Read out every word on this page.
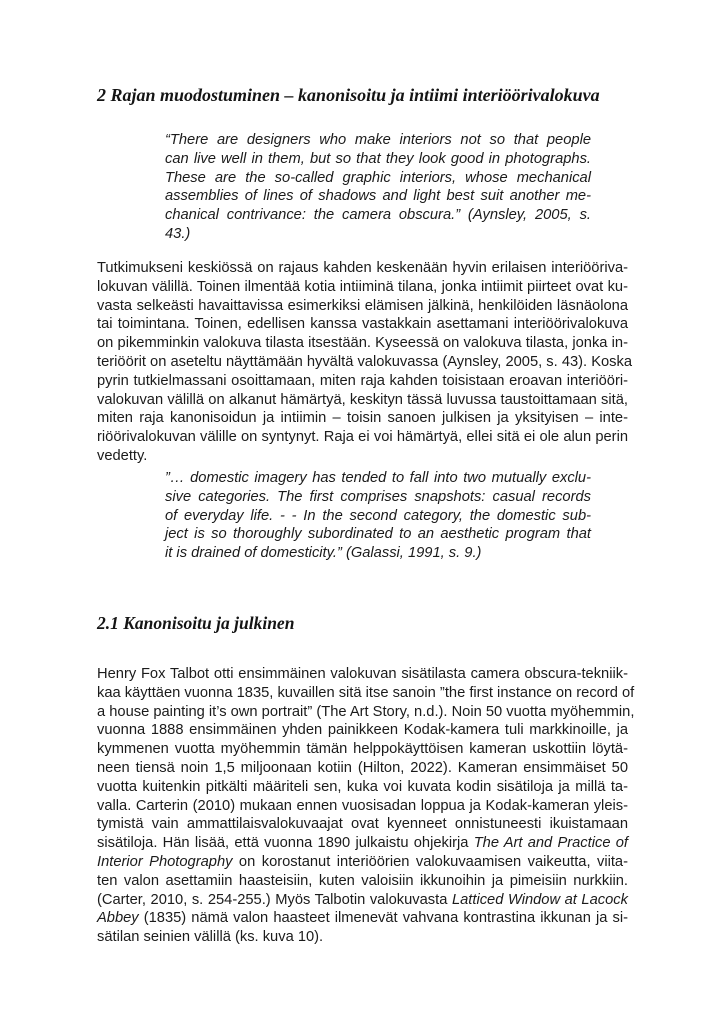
2 Rajan muodostuminen – kanonisoitu ja intiimi interiöörivalokuva
“There are designers who make interiors not so that people
can live well in them, but so that they look good in photographs.
These are the so-called graphic interiors, whose mechanical
assemblies of lines of shadows and light best suit another me-
chanical contrivance: the camera obscura.” (Aynsley, 2005, s.
43.)
Tutkimukseni keskiössä on rajaus kahden keskenään hyvin erilaisen interiööriva-
lokuvan välillä. Toinen ilmentää kotia intiiminä tilana, jonka intiimit piirteet ovat ku-
vasta selkeästi havaittavissa esimerkiksi elämisen jälkinä, henkilöiden läsnäolona
tai toimintana. Toinen, edellisen kanssa vastakkain asettamani interiöörivalokuva
on pikemminkin valokuva tilasta itsestään. Kyseessä on valokuva tilasta, jonka in-
teriöörit on aseteltu näyttämään hyvältä valokuvassa (Aynsley, 2005, s. 43). Koska
pyrin tutkielmassani osoittamaan, miten raja kahden toisistaan eroavan interiööri-
valokuvan välillä on alkanut hämärtyä, keskityn tässä luvussa taustoittamaan sitä,
miten raja kanonisoidun ja intiimin – toisin sanoen julkisen ja yksityisen – inte-
riöörivalokuvan välille on syntynyt. Raja ei voi hämärtyä, ellei sitä ei ole alun perin
vedetty.
”… domestic imagery has tended to fall into two mutually exclu-
sive categories. The first comprises snapshots: casual records
of everyday life. - - In the second category, the domestic sub-
ject is so thoroughly subordinated to an aesthetic program that
it is drained of domesticity.” (Galassi, 1991, s. 9.)
2.1 Kanonisoitu ja julkinen
Henry Fox Talbot otti ensimmäinen valokuvan sisätilasta camera obscura-tekniik-
kaa käyttäen vuonna 1835, kuvaillen sitä itse sanoin ”the first instance on record of
a house painting it’s own portrait” (The Art Story, n.d.). Noin 50 vuotta myöhemmin,
vuonna 1888 ensimmäinen yhden painikkeen Kodak-kamera tuli markkinoille, ja
kymmenen vuotta myöhemmin tämän helppokäyttöisen kameran uskottiin löytä-
neen tiensä noin 1,5 miljoonaan kotiin (Hilton, 2022). Kameran ensimmäiset 50
vuotta kuitenkin pitkälti määriteli sen, kuka voi kuvata kodin sisätiloja ja millä ta-
valla. Carterin (2010) mukaan ennen vuosisadan loppua ja Kodak-kameran yleis-
tymistä vain ammattilaisvalokuvaajat ovat kyenneet onnistuneesti ikuistamaan
sisätiloja. Hän lisää, että vuonna 1890 julkaistu ohjekirja The Art and Practice of
Interior Photography on korostanut interiöörien valokuvaamisen vaikeutta, viita-
ten valon asettamiin haasteisiin, kuten valoisiin ikkunoihin ja pimeisiin nurkkiin.
(Carter, 2010, s. 254-255.) Myös Talbotin valokuvasta Latticed Window at Lacock
Abbey (1835) nämä valon haasteet ilmenevät vahvana kontrastina ikkunan ja si-
sätilan seinien välillä (ks. kuva 10).
